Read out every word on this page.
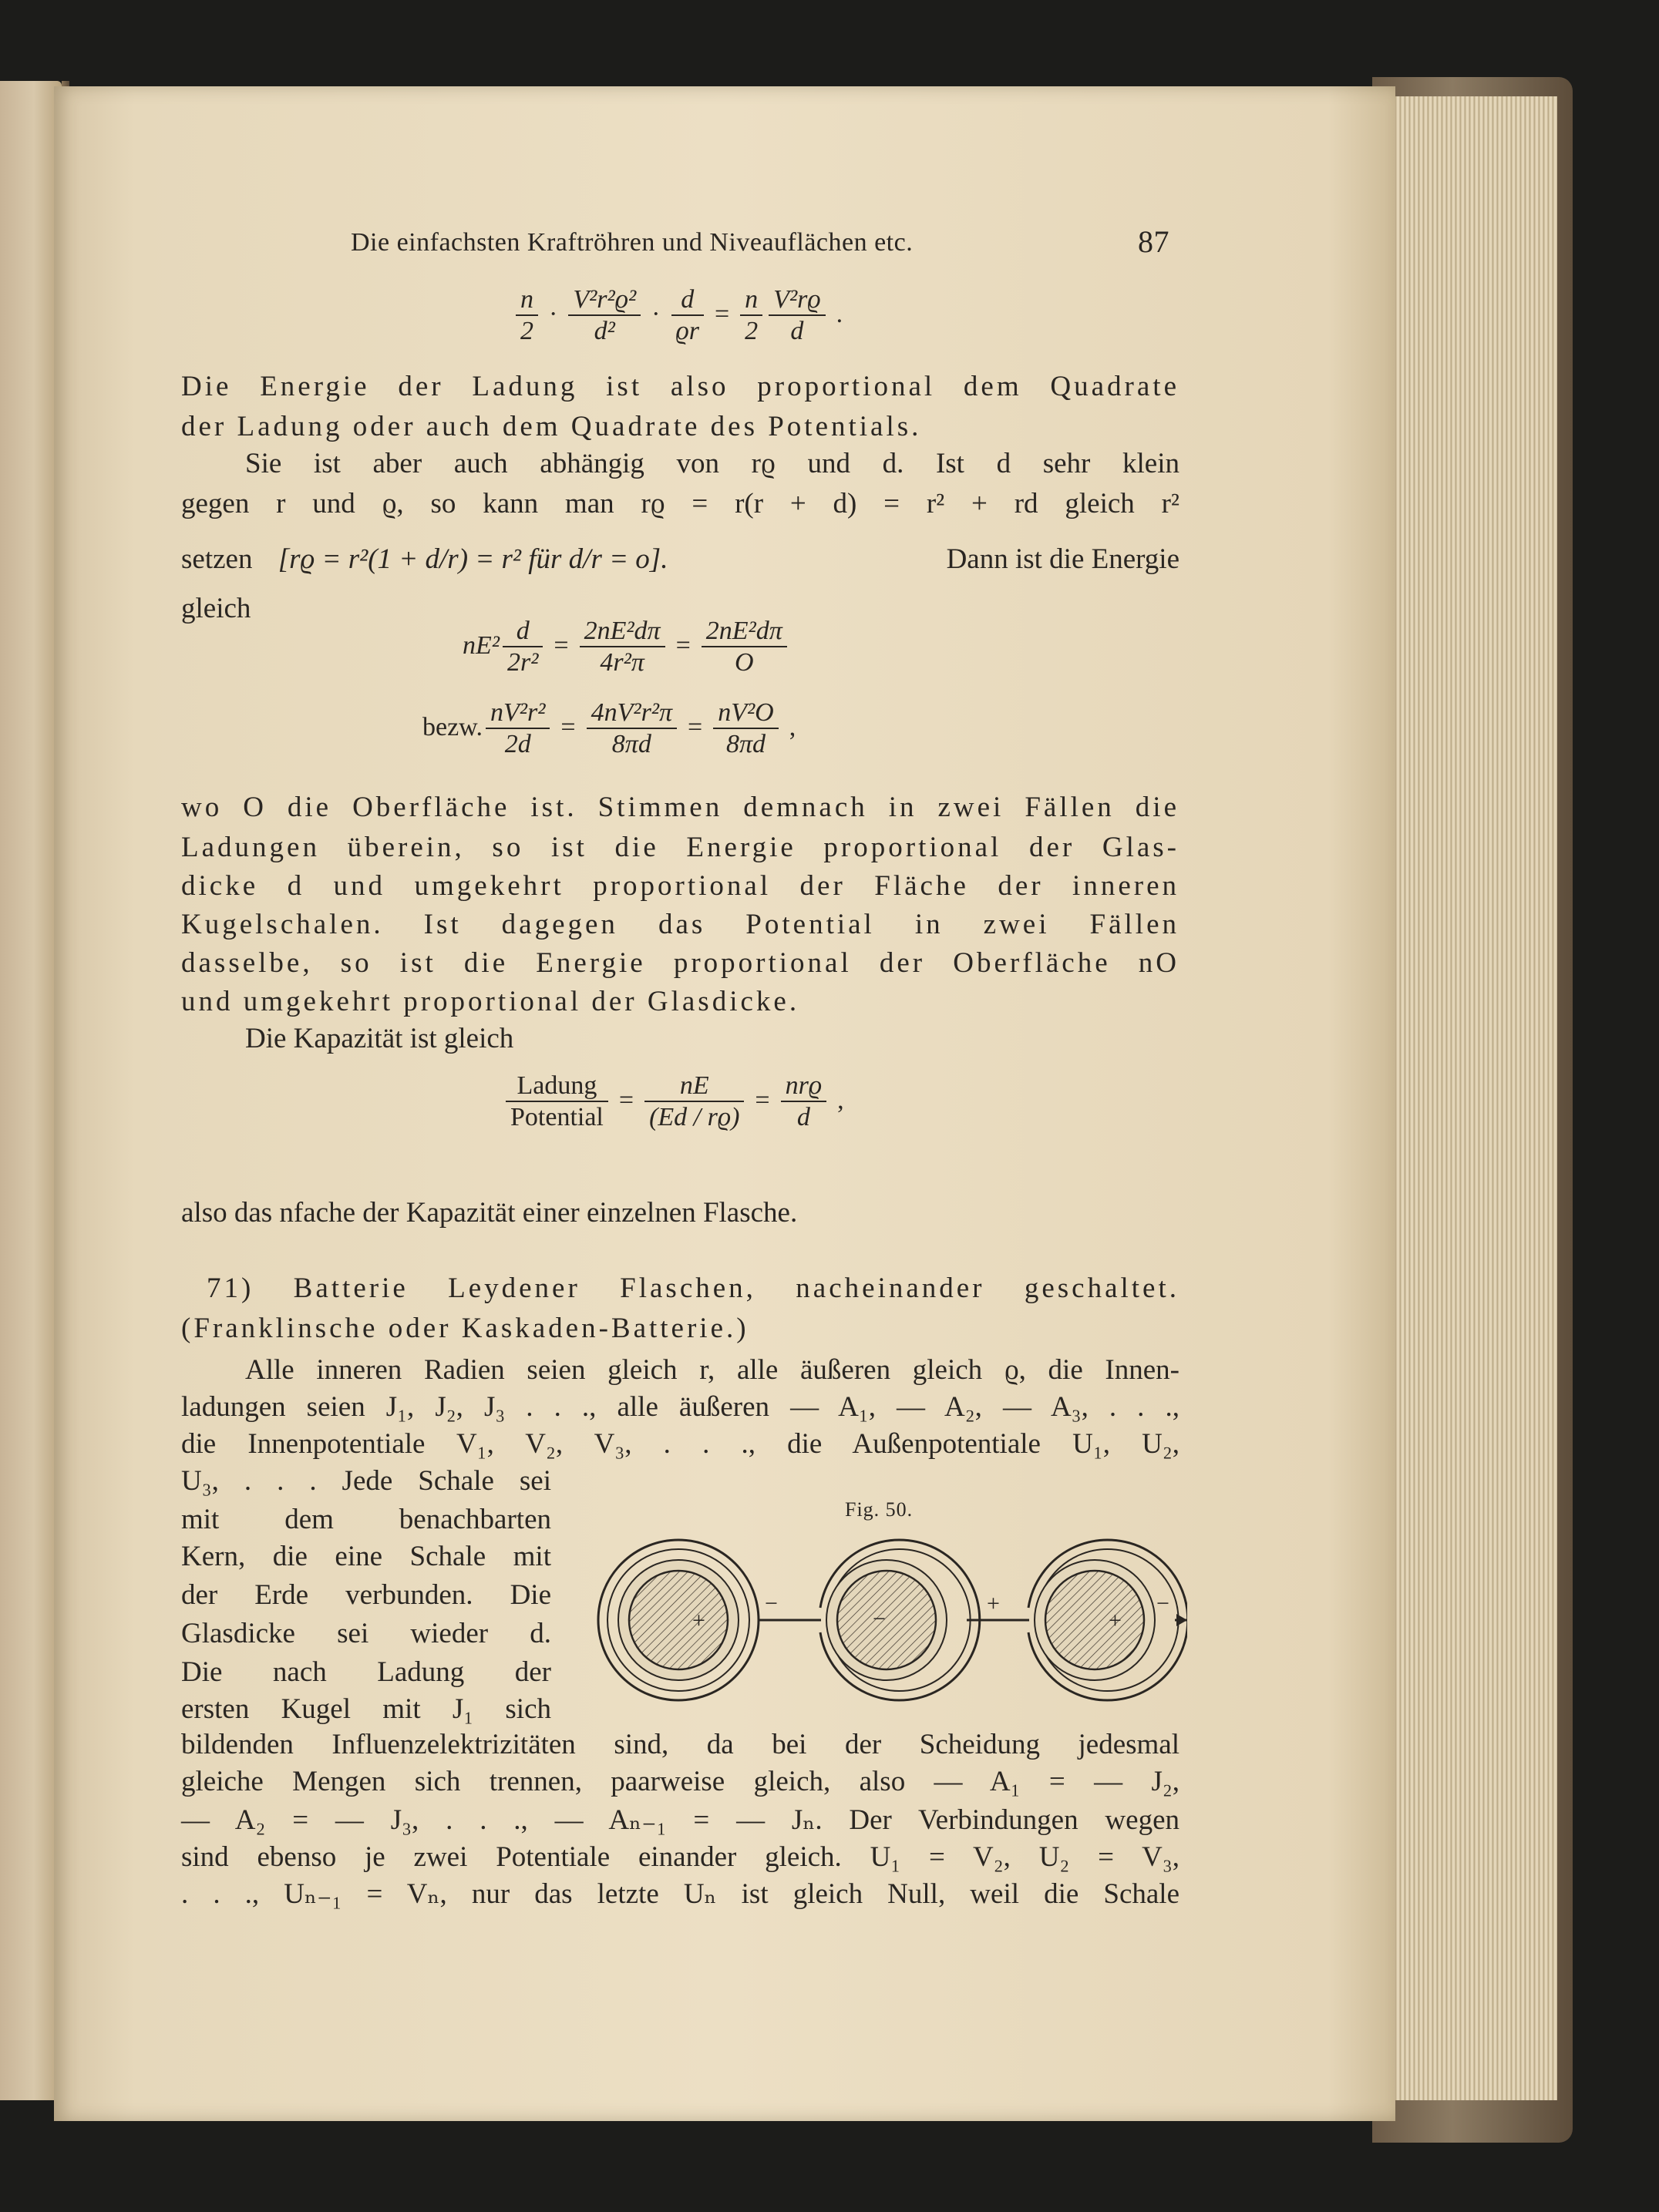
Die einfachsten Kraftröhren und Niveauflächen etc.	87
$\frac{n}{2} \cdot \frac{\text{V²r²ϱ²}}{\text{d²}} \cdot \frac{d}{ϱr} = \frac{n}{2} \frac{\text{V²rϱ}}{d}$ .
Die Energie der Ladung ist also proportional dem Quadrate
der Ladung oder auch dem Quadrate des Potentials.
Sie ist aber auch abhängig von rϱ und d. Ist d sehr klein
gegen r und ϱ, so kann man rϱ = r(r + d) = r² + rd gleich r²
setzen [rϱ = r²(1 + d/r) = r² für d/r = o].	Dann ist die Energie
gleich
$nE^2 \frac{d}{\text{2r²}} = \frac{\text{2nE²dπ}}{\text{4r²π}} = \frac{\text{2nE²dπ}}{O}$
bezw. $\frac{\text{nV²r²}}{2d} = \frac{\text{4nV²r²π}}{8\pi d} = \frac{\text{nV²O}}{8\pi d}$ ,
wo O die Oberfläche ist. Stimmen demnach in zwei Fällen die
Ladungen überein, so ist die Energie proportional der Glas-
dicke d und umgekehrt proportional der Fläche der inneren
Kugelschalen. Ist dagegen das Potential in zwei Fällen
dasselbe, so ist die Energie proportional der Oberfläche nO
und umgekehrt proportional der Glasdicke.
Die Kapazität ist gleich
$\frac{\text{Ladung}}{\text{Potential}} = \frac{nE}{(Ed / rϱ)} = \frac{\text{nrϱ}}{d}$ ,
also das nfache der Kapazität einer einzelnen Flasche.
71) Batterie Leydener Flaschen, nacheinander geschaltet.
(Franklinsche oder Kaskaden-Batterie.)
Alle inneren Radien seien gleich r, alle äußeren gleich ϱ, die Innen-
ladungen seien J₁, J₂, J₃ . . ., alle äußeren — A₁, — A₂, — A₃, . . .,
die Innenpotentiale V₁, V₂, V₃, . . ., die Außenpotentiale U₁, U₂,
U₃, . . . Jede Schale sei
mit dem benachbarten
Kern, die eine Schale mit
der Erde verbunden. Die
Glasdicke sei wieder d.
Die nach Ladung der
ersten Kugel mit J₁ sich
Fig. 50.
+
−
−
+
+
−
bildenden Influenzelektrizitäten sind, da bei der Scheidung jedesmal
gleiche Mengen sich trennen, paarweise gleich, also — A₁ = — J₂,
— A₂ = — J₃, . . ., — Aₙ₋₁ = — Jₙ. Der Verbindungen wegen
sind ebenso je zwei Potentiale einander gleich. U₁ = V₂, U₂ = V₃,
. . ., Uₙ₋₁ = Vₙ, nur das letzte Uₙ ist gleich Null, weil die Schale
